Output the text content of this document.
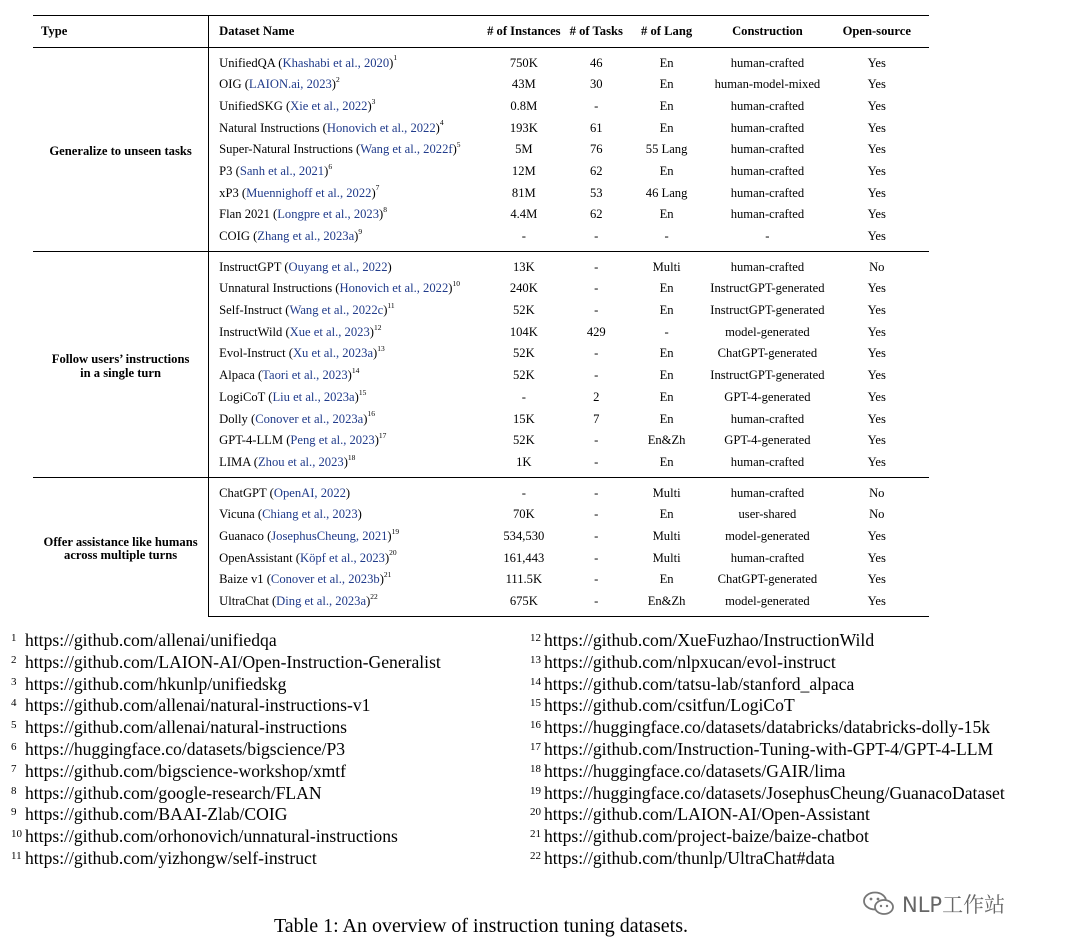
Type	Dataset Name	# of Instances	# of Tasks	# of Lang	Construction	Open-source

Generalize to unseen tasks	UnifiedQA (Khashabi et al., 2020)$^1$	750K	46	En	human-crafted	Yes
	OIG (LAION.ai, 2023)$^2$	43M	30	En	human-model-mixed	Yes
	UnifiedSKG (Xie et al., 2022)$^3$	0.8M	-	En	human-crafted	Yes
	Natural Instructions (Honovich et al., 2022)$^4$	193K	61	En	human-crafted	Yes
	Super-Natural Instructions (Wang et al., 2022f)$^5$	5M	76	55 Lang	human-crafted	Yes
	P3 (Sanh et al., 2021)$^6$	12M	62	En	human-crafted	Yes
	xP3 (Muennighoff et al., 2022)$^7$	81M	53	46 Lang	human-crafted	Yes
	Flan 2021 (Longpre et al., 2023)$^8$	4.4M	62	En	human-crafted	Yes
	COIG (Zhang et al., 2023a)$^9$	-	-	-	-	Yes

Follow users’ instructions
in a single turn	InstructGPT (Ouyang et al., 2022)	13K	-	Multi	human-crafted	No
	Unnatural Instructions (Honovich et al., 2022)$^{10}$	240K	-	En	InstructGPT-generated	Yes
	Self-Instruct (Wang et al., 2022c)$^{11}$	52K	-	En	InstructGPT-generated	Yes
	InstructWild (Xue et al., 2023)$^{12}$	104K	429	-	model-generated	Yes
	Evol-Instruct (Xu et al., 2023a)$^{13}$	52K	-	En	ChatGPT-generated	Yes
	Alpaca (Taori et al., 2023)$^{14}$	52K	-	En	InstructGPT-generated	Yes
	LogiCoT (Liu et al., 2023a)$^{15}$	-	2	En	GPT-4-generated	Yes
	Dolly (Conover et al., 2023a)$^{16}$	15K	7	En	human-crafted	Yes
	GPT-4-LLM (Peng et al., 2023)$^{17}$	52K	-	En&Zh	GPT-4-generated	Yes
	LIMA (Zhou et al., 2023)$^{18}$	1K	-	En	human-crafted	Yes

Offer assistance like humans
across multiple turns	ChatGPT (OpenAI, 2022)	-	-	Multi	human-crafted	No
	Vicuna (Chiang et al., 2023)	70K	-	En	user-shared	No
	Guanaco (JosephusCheung, 2021)$^{19}$	534,530	-	Multi	model-generated	Yes
	OpenAssistant (Köpf et al., 2023)$^{20}$	161,443	-	Multi	human-crafted	Yes
	Baize v1 (Conover et al., 2023b)$^{21}$	111.5K	-	En	ChatGPT-generated	Yes
	UltraChat (Ding et al., 2023a)$^{22}$	675K	-	En&Zh	model-generated	Yes
1 https://github.com/allenai/unifiedqa
2 https://github.com/LAION-AI/Open-Instruction-Generalist
3 https://github.com/hkunlp/unifiedskg
4 https://github.com/allenai/natural-instructions-v1
5 https://github.com/allenai/natural-instructions
6 https://huggingface.co/datasets/bigscience/P3
7 https://github.com/bigscience-workshop/xmtf
8 https://github.com/google-research/FLAN
9 https://github.com/BAAI-Zlab/COIG
10 https://github.com/orhonovich/unnatural-instructions
11 https://github.com/yizhongw/self-instruct
12 https://github.com/XueFuzhao/InstructionWild
13 https://github.com/nlpxucan/evol-instruct
14 https://github.com/tatsu-lab/stanford_alpaca
15 https://github.com/csitfun/LogiCoT
16 https://huggingface.co/datasets/databricks/databricks-dolly-15k
17 https://github.com/Instruction-Tuning-with-GPT-4/GPT-4-LLM
18 https://huggingface.co/datasets/GAIR/lima
19 https://huggingface.co/datasets/JosephusCheung/GuanacoDataset
20 https://github.com/LAION-AI/Open-Assistant
21 https://github.com/project-baize/baize-chatbot
22 https://github.com/thunlp/UltraChat#data
Table 1: An overview of instruction tuning datasets.
NLP工作站
